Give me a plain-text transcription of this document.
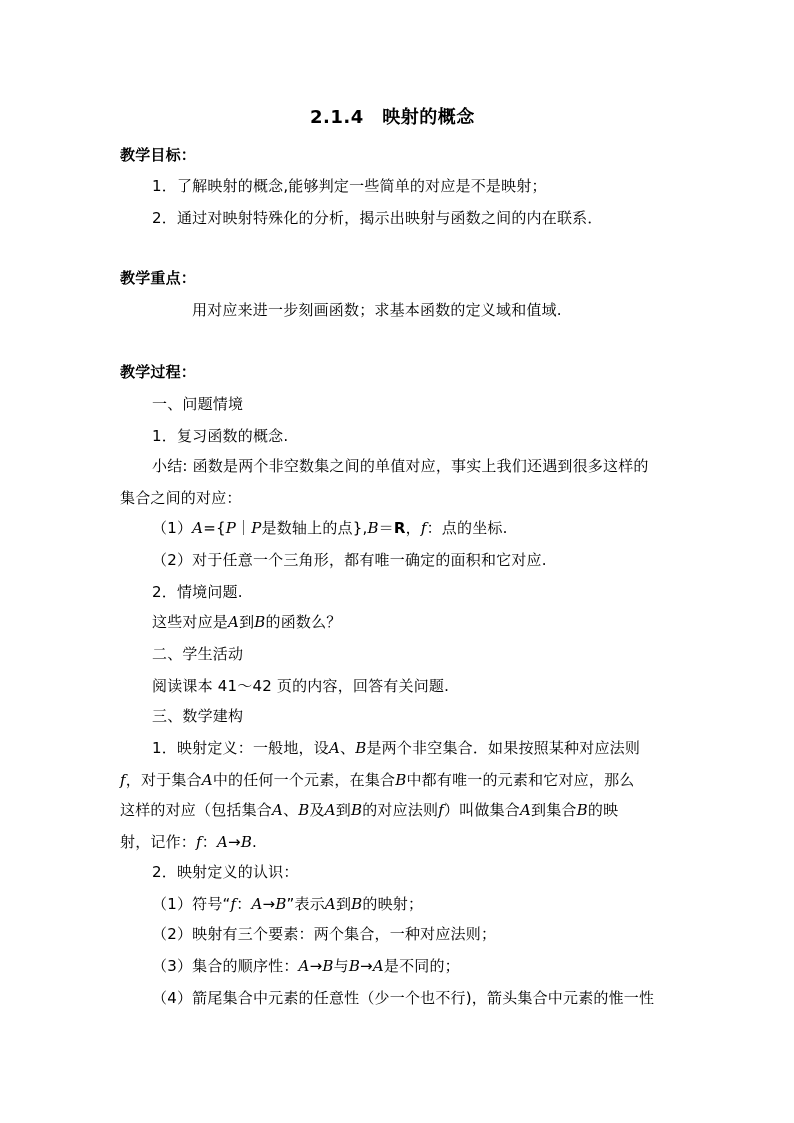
2.1.4　映射的概念
教学目标：
1．了解映射的概念,能够判定一些简单的对应是不是映射；
2．通过对映射特殊化的分析，揭示出映射与函数之间的内在联系．
教学重点：
用对应来进一步刻画函数；求基本函数的定义域和值域.
教学过程：
一、问题情境
1．复习函数的概念.
小结: 函数是两个非空数集之间的单值对应，事实上我们还遇到很多这样的
集合之间的对应：
（1）A={P｜P是数轴上的点},B＝R，f：点的坐标.
（2）对于任意一个三角形，都有唯一确定的面积和它对应.
2．情境问题.
这些对应是A到B的函数么？
二、学生活动
阅读课本 41～42 页的内容，回答有关问题.
三、数学建构
1．映射定义：一般地，设A、B是两个非空集合．如果按照某种对应法则
f，对于集合A中的任何一个元素，在集合B中都有唯一的元素和它对应，那么
这样的对应（包括集合A、B及A到B的对应法则f）叫做集合A到集合B的映
射，记作：f：A→B.
2．映射定义的认识：
（1）符号“f：A→B”表示A到B的映射；
（2）映射有三个要素：两个集合，一种对应法则；
（3）集合的顺序性：A→B与B→A是不同的；
（4）箭尾集合中元素的任意性（少一个也不行)，箭头集合中元素的惟一性
